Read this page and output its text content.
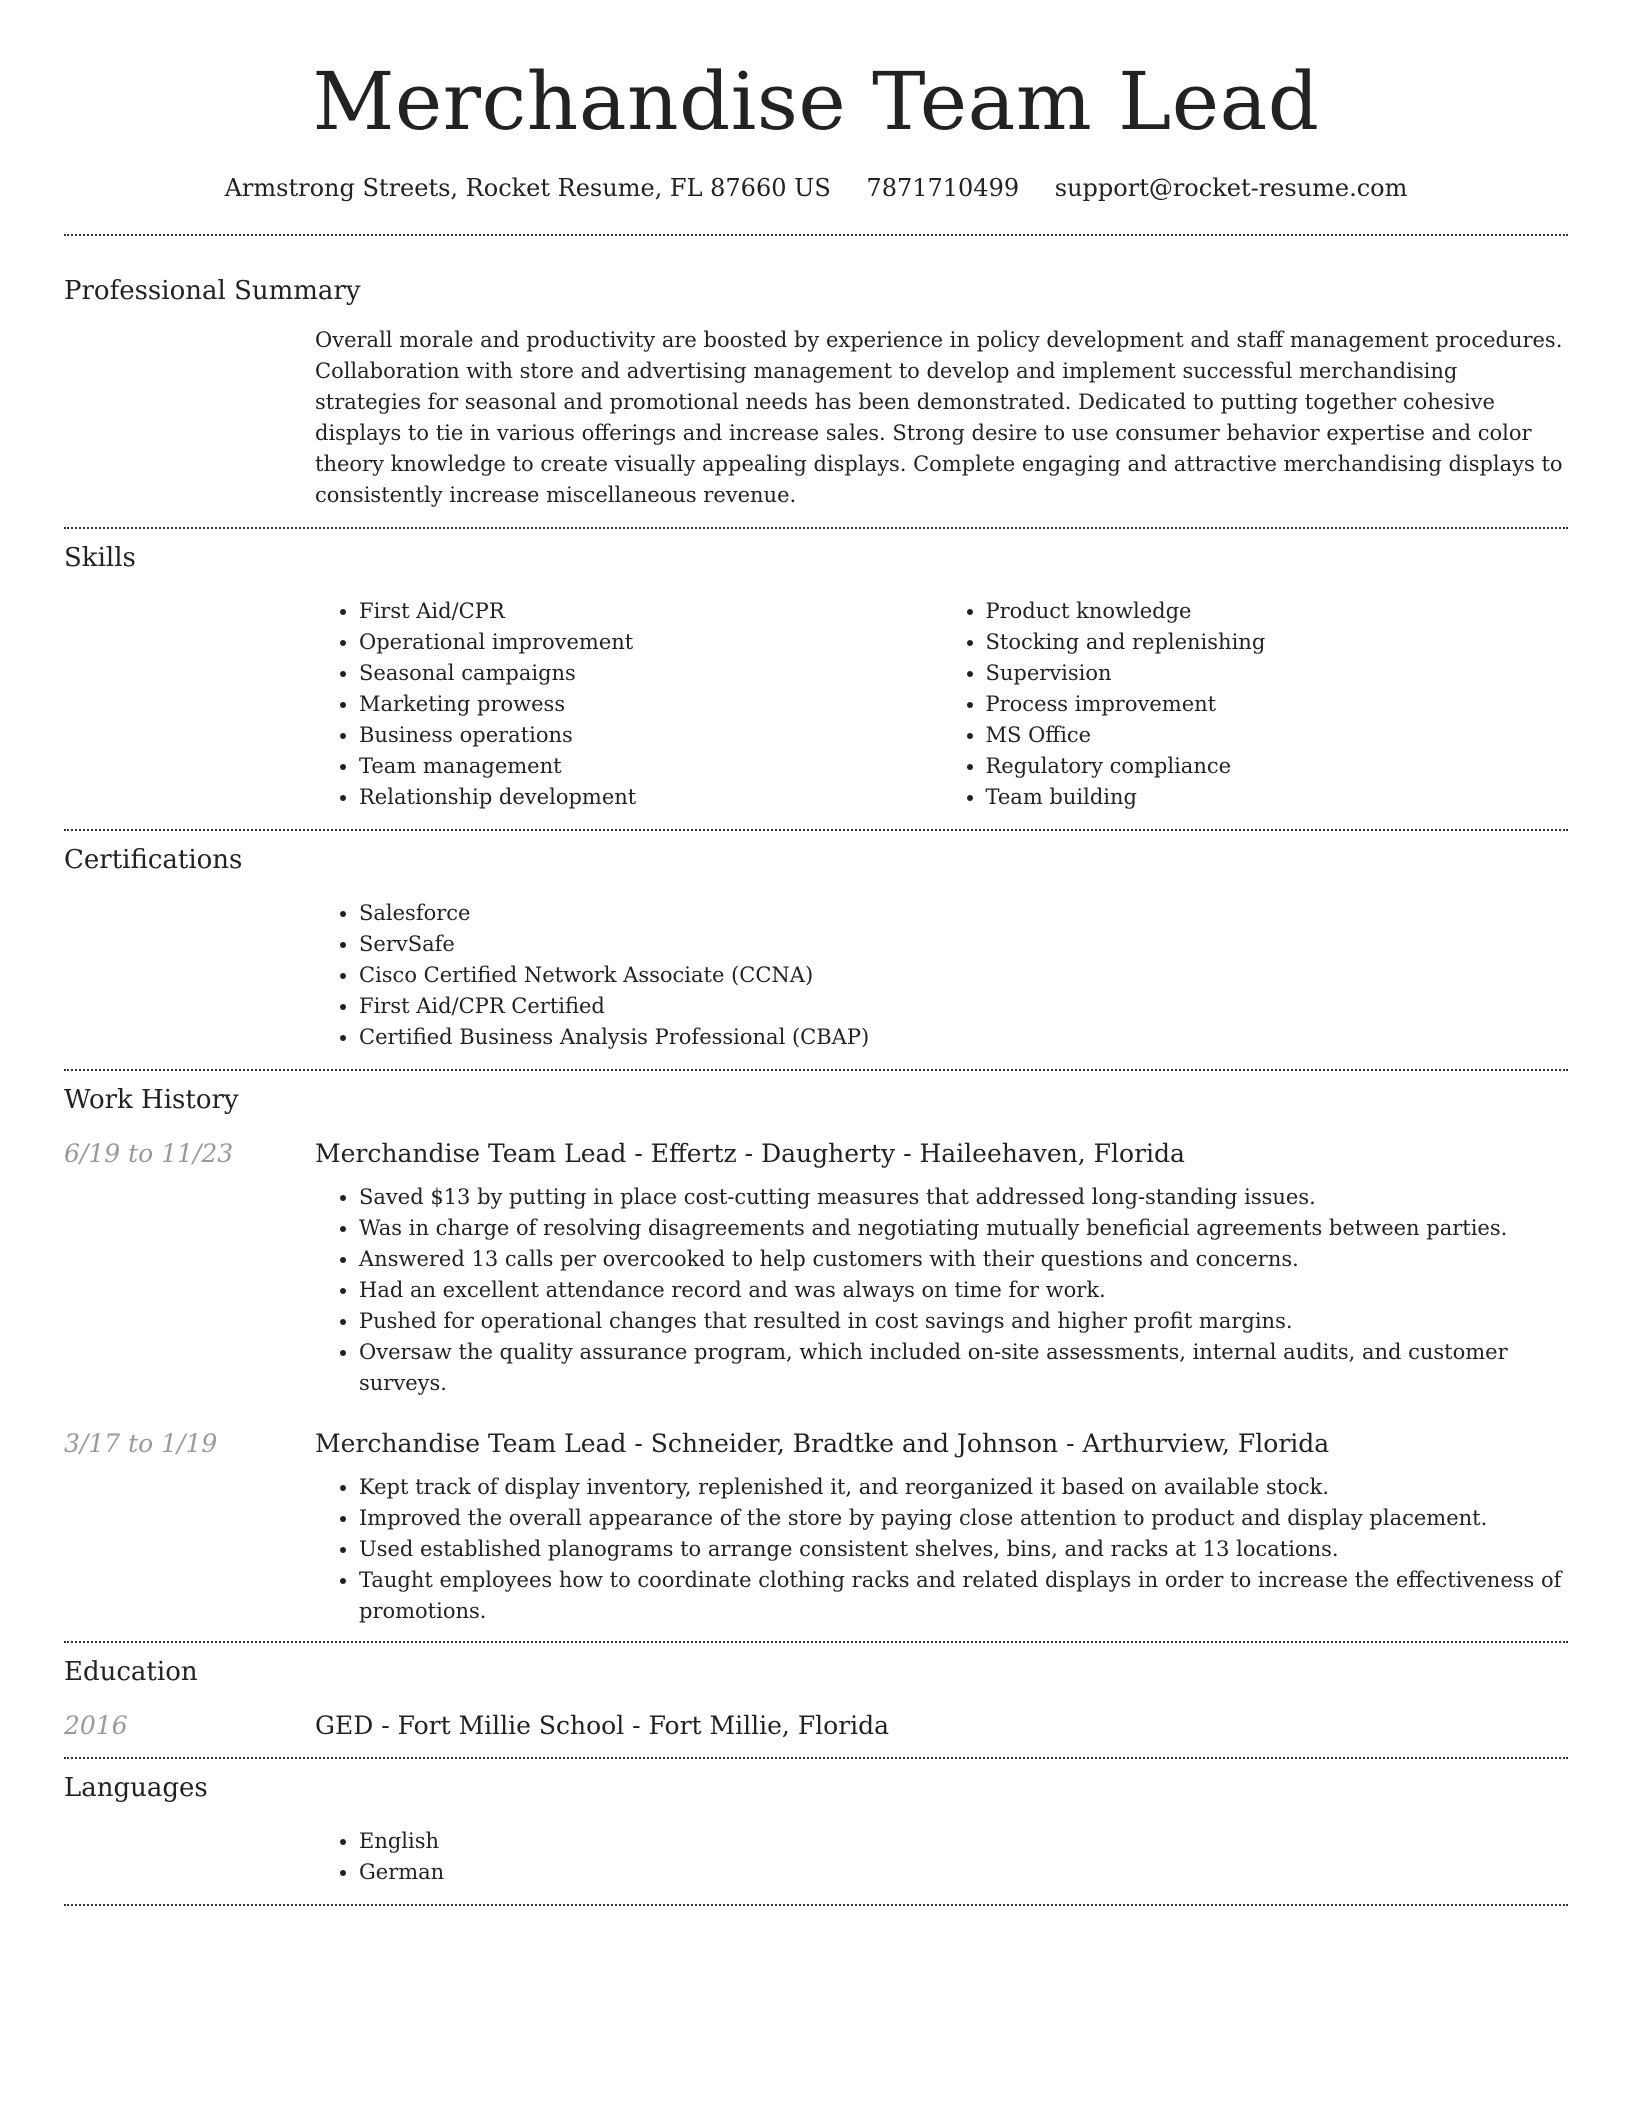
Merchandise Team Lead
Armstrong Streets, Rocket Resume, FL 87660 US 7871710499 support@rocket-resume.com
Professional Summary

Overall morale and productivity are boosted by experience in policy development and staff management procedures. Collaboration with store and advertising management to develop and implement successful merchandising strategies for seasonal and promotional needs has been demonstrated. Dedicated to putting together cohesive displays to tie in various offerings and increase sales. Strong desire to use consumer behavior expertise and color theory knowledge to create visually appealing displays. Complete engaging and attractive merchandising displays to consistently increase miscellaneous revenue.

Skills
• First Aid/CPR
• Operational improvement
• Seasonal campaigns
• Marketing prowess
• Business operations
• Team management
• Relationship development
• Product knowledge
• Stocking and replenishing
• Supervision
• Process improvement
• MS Office
• Regulatory compliance
• Team building
Certifications
• Salesforce
• ServSafe
• Cisco Certified Network Associate (CCNA)
• First Aid/CPR Certified
• Certified Business Analysis Professional (CBAP)
Work History
6/19 to 11/23	Merchandise Team Lead - Effertz - Daugherty - Haileehaven, Florida
• Saved $13 by putting in place cost-cutting measures that addressed long-standing issues.
• Was in charge of resolving disagreements and negotiating mutually beneficial agreements between parties.
• Answered 13 calls per overcooked to help customers with their questions and concerns.
• Had an excellent attendance record and was always on time for work.
• Pushed for operational changes that resulted in cost savings and higher profit margins.
• Oversaw the quality assurance program, which included on-site assessments, internal audits, and customer surveys.
3/17 to 1/19	Merchandise Team Lead - Schneider, Bradtke and Johnson - Arthurview, Florida
• Kept track of display inventory, replenished it, and reorganized it based on available stock.
• Improved the overall appearance of the store by paying close attention to product and display placement.
• Used established planograms to arrange consistent shelves, bins, and racks at 13 locations.
• Taught employees how to coordinate clothing racks and related displays in order to increase the effectiveness of promotions.
Education
2016	GED - Fort Millie School - Fort Millie, Florida
Languages
• English
• German
